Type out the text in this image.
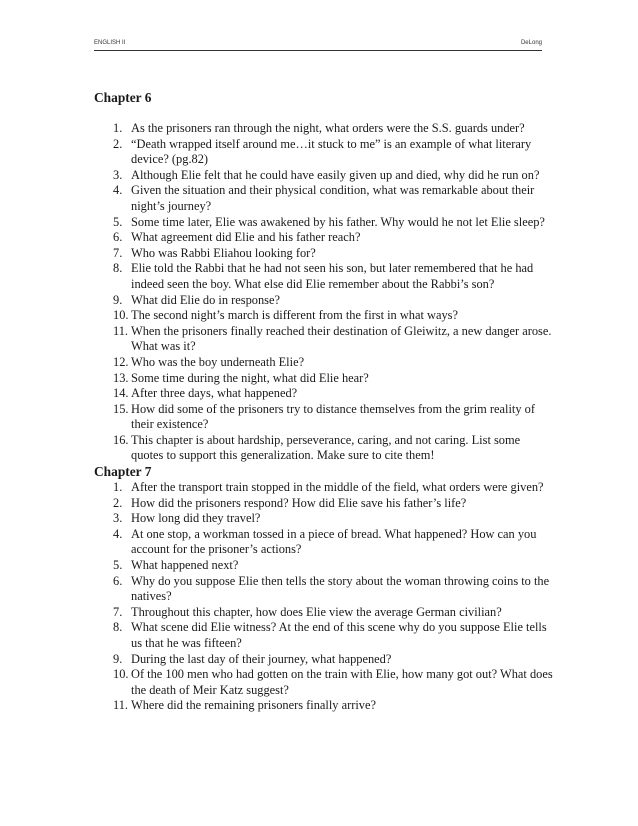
ENGLISH II	DeLong
Chapter 6
1. As the prisoners ran through the night, what orders were the S.S. guards under?
2. “Death wrapped itself around me…it stuck to me” is an example of what literary device? (pg.82)
3. Although Elie felt that he could have easily given up and died, why did he run on?
4. Given the situation and their physical condition, what was remarkable about their night’s journey?
5. Some time later, Elie was awakened by his father. Why would he not let Elie sleep?
6. What agreement did Elie and his father reach?
7. Who was Rabbi Eliahou looking for?
8. Elie told the Rabbi that he had not seen his son, but later remembered that he had indeed seen the boy. What else did Elie remember about the Rabbi’s son?
9. What did Elie do in response?
10. The second night’s march is different from the first in what ways?
11. When the prisoners finally reached their destination of Gleiwitz, a new danger arose. What was it?
12. Who was the boy underneath Elie?
13. Some time during the night, what did Elie hear?
14. After three days, what happened?
15. How did some of the prisoners try to distance themselves from the grim reality of their existence?
16. This chapter is about hardship, perseverance, caring, and not caring. List some quotes to support this generalization. Make sure to cite them!
Chapter 7
1. After the transport train stopped in the middle of the field, what orders were given?
2. How did the prisoners respond? How did Elie save his father’s life?
3. How long did they travel?
4. At one stop, a workman tossed in a piece of bread. What happened? How can you account for the prisoner’s actions?
5. What happened next?
6. Why do you suppose Elie then tells the story about the woman throwing coins to the natives?
7. Throughout this chapter, how does Elie view the average German civilian?
8. What scene did Elie witness? At the end of this scene why do you suppose Elie tells us that he was fifteen?
9. During the last day of their journey, what happened?
10. Of the 100 men who had gotten on the train with Elie, how many got out? What does the death of Meir Katz suggest?
11. Where did the remaining prisoners finally arrive?
